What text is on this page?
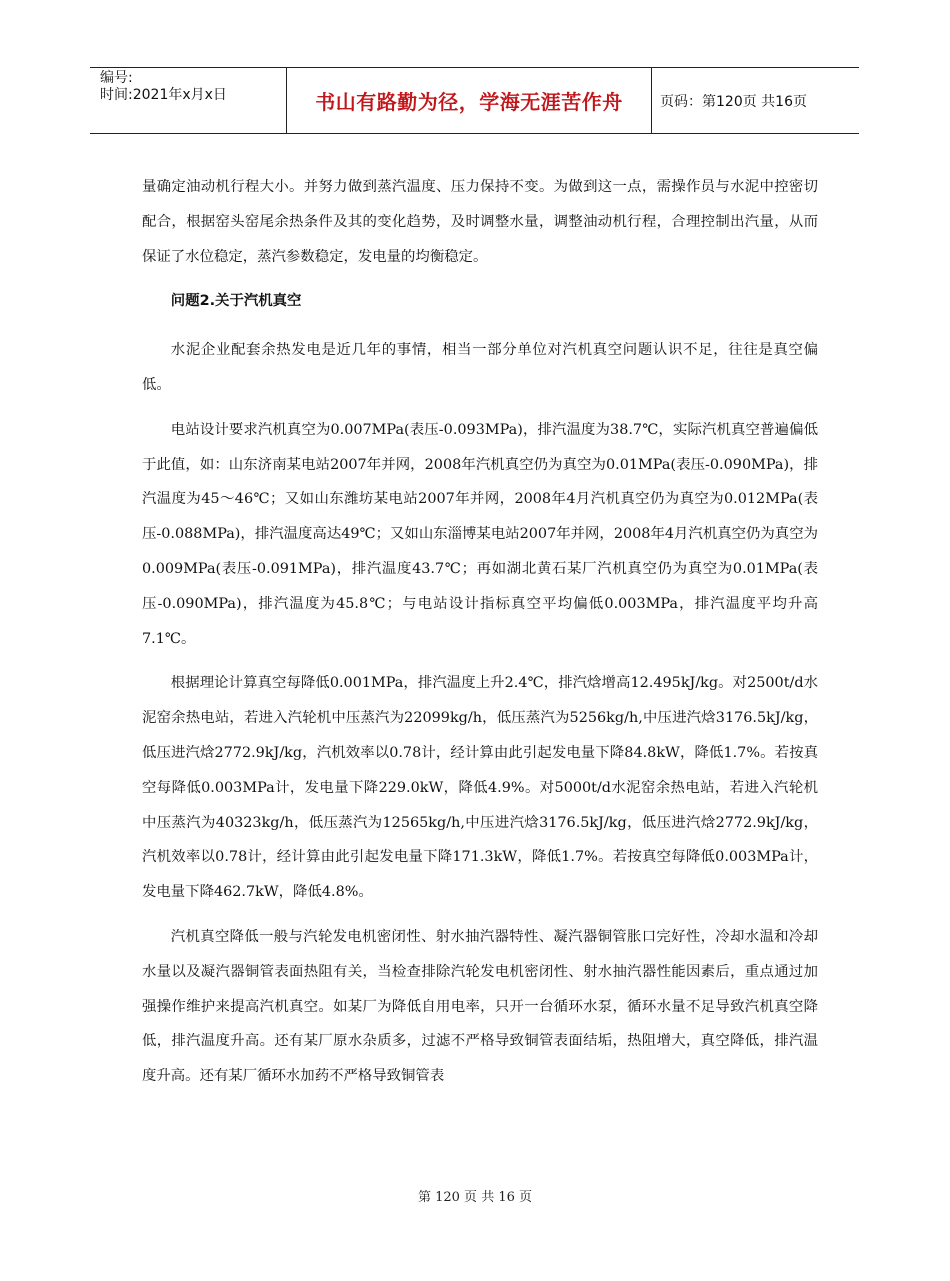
编号:
时间:2021年x月x日	书山有路勤为径，学海无涯苦作舟	页码：第120页 共16页

量确定油动机行程大小。并努力做到蒸汽温度、压力保持不变。为做到这一点，需操作员与水泥中控密切配合，根据窑头窑尾余热条件及其的变化趋势，及时调整水量，调整油动机行程，合理控制出汽量，从而保证了水位稳定，蒸汽参数稳定，发电量的均衡稳定。

问题2.关于汽机真空

水泥企业配套余热发电是近几年的事情，相当一部分单位对汽机真空问题认识不足，往往是真空偏低。

电站设计要求汽机真空为0.007MPa(表压-0.093MPa)，排汽温度为38.7℃，实际汽机真空普遍偏低于此值，如：山东济南某电站2007年并网，2008年汽机真空仍为真空为0.01MPa(表压-0.090MPa)，排汽温度为45～46℃；又如山东潍坊某电站2007年并网，2008年4月汽机真空仍为真空为0.012MPa(表压-0.088MPa)，排汽温度高达49℃；又如山东淄博某电站2007年并网，2008年4月汽机真空仍为真空为0.009MPa(表压-0.091MPa)，排汽温度43.7℃；再如湖北黄石某厂汽机真空仍为真空为0.01MPa(表压-0.090MPa)，排汽温度为45.8℃；与电站设计指标真空平均偏低0.003MPa，排汽温度平均升高7.1℃。

根据理论计算真空每降低0.001MPa，排汽温度上升2.4℃，排汽焓增高12.495kJ/kg。对2500t/d水泥窑余热电站，若进入汽轮机中压蒸汽为22099kg/h，低压蒸汽为5256kg/h,中压进汽焓3176.5kJ/kg，低压进汽焓2772.9kJ/kg，汽机效率以0.78计，经计算由此引起发电量下降84.8kW，降低1.7%。若按真空每降低0.003MPa计，发电量下降229.0kW，降低4.9%。对5000t/d水泥窑余热电站，若进入汽轮机中压蒸汽为40323kg/h，低压蒸汽为12565kg/h,中压进汽焓3176.5kJ/kg，低压进汽焓2772.9kJ/kg，汽机效率以0.78计，经计算由此引起发电量下降171.3kW，降低1.7%。若按真空每降低0.003MPa计，发电量下降462.7kW，降低4.8%。

汽机真空降低一般与汽轮发电机密闭性、射水抽汽器特性、凝汽器铜管胀口完好性，冷却水温和冷却水量以及凝汽器铜管表面热阻有关，当检查排除汽轮发电机密闭性、射水抽汽器性能因素后，重点通过加强操作维护来提高汽机真空。如某厂为降低自用电率，只开一台循环水泵，循环水量不足导致汽机真空降低，排汽温度升高。还有某厂原水杂质多，过滤不严格导致铜管表面结垢，热阻增大，真空降低，排汽温度升高。还有某厂循环水加药不严格导致铜管表

第 120 页 共 16 页
